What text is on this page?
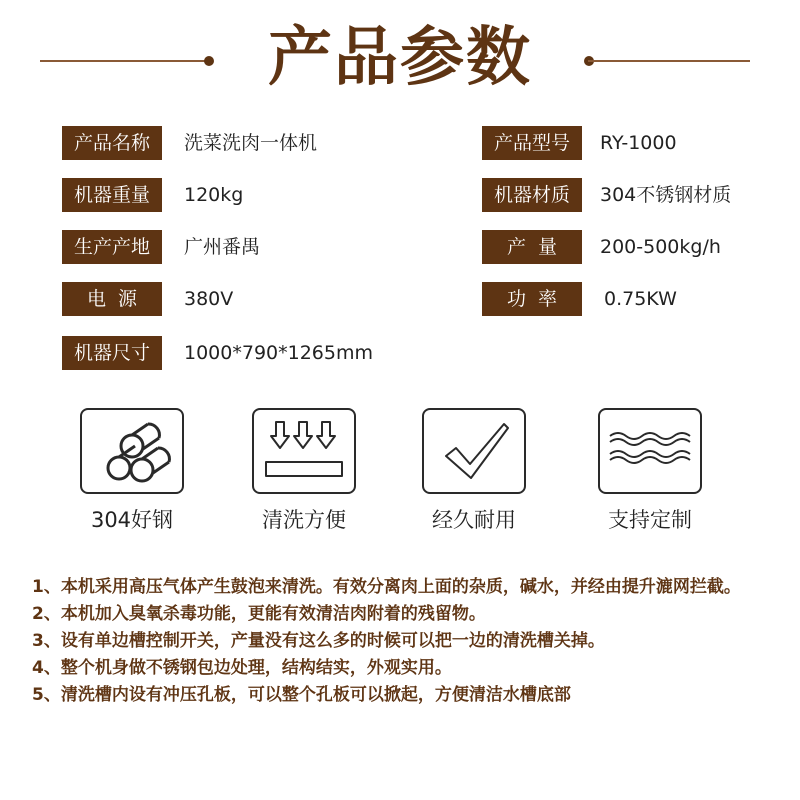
产品参数
产品名称	洗菜洗肉一体机	产品型号	RY-1000
机器重量	120kg	机器材质	304不锈钢材质
生产产地	广州番禺	产  量	200-500kg/h
电  源	380V	功  率	0.75KW
机器尺寸	1000*790*1265mm
304好钢	清洗方便	经久耐用	支持定制
1、本机采用高压气体产生鼓泡来清洗。有效分离肉上面的杂质，碱水，并经由提升漉网拦截。
2、本机加入臭氧杀毒功能，更能有效清洁肉附着的残留物。
3、设有单边槽控制开关，产量没有这么多的时候可以把一边的清洗槽关掉。
4、整个机身做不锈钢包边处理，结构结实，外观实用。
5、清洗槽内设有冲压孔板，可以整个孔板可以掀起，方便清洁水槽底部
